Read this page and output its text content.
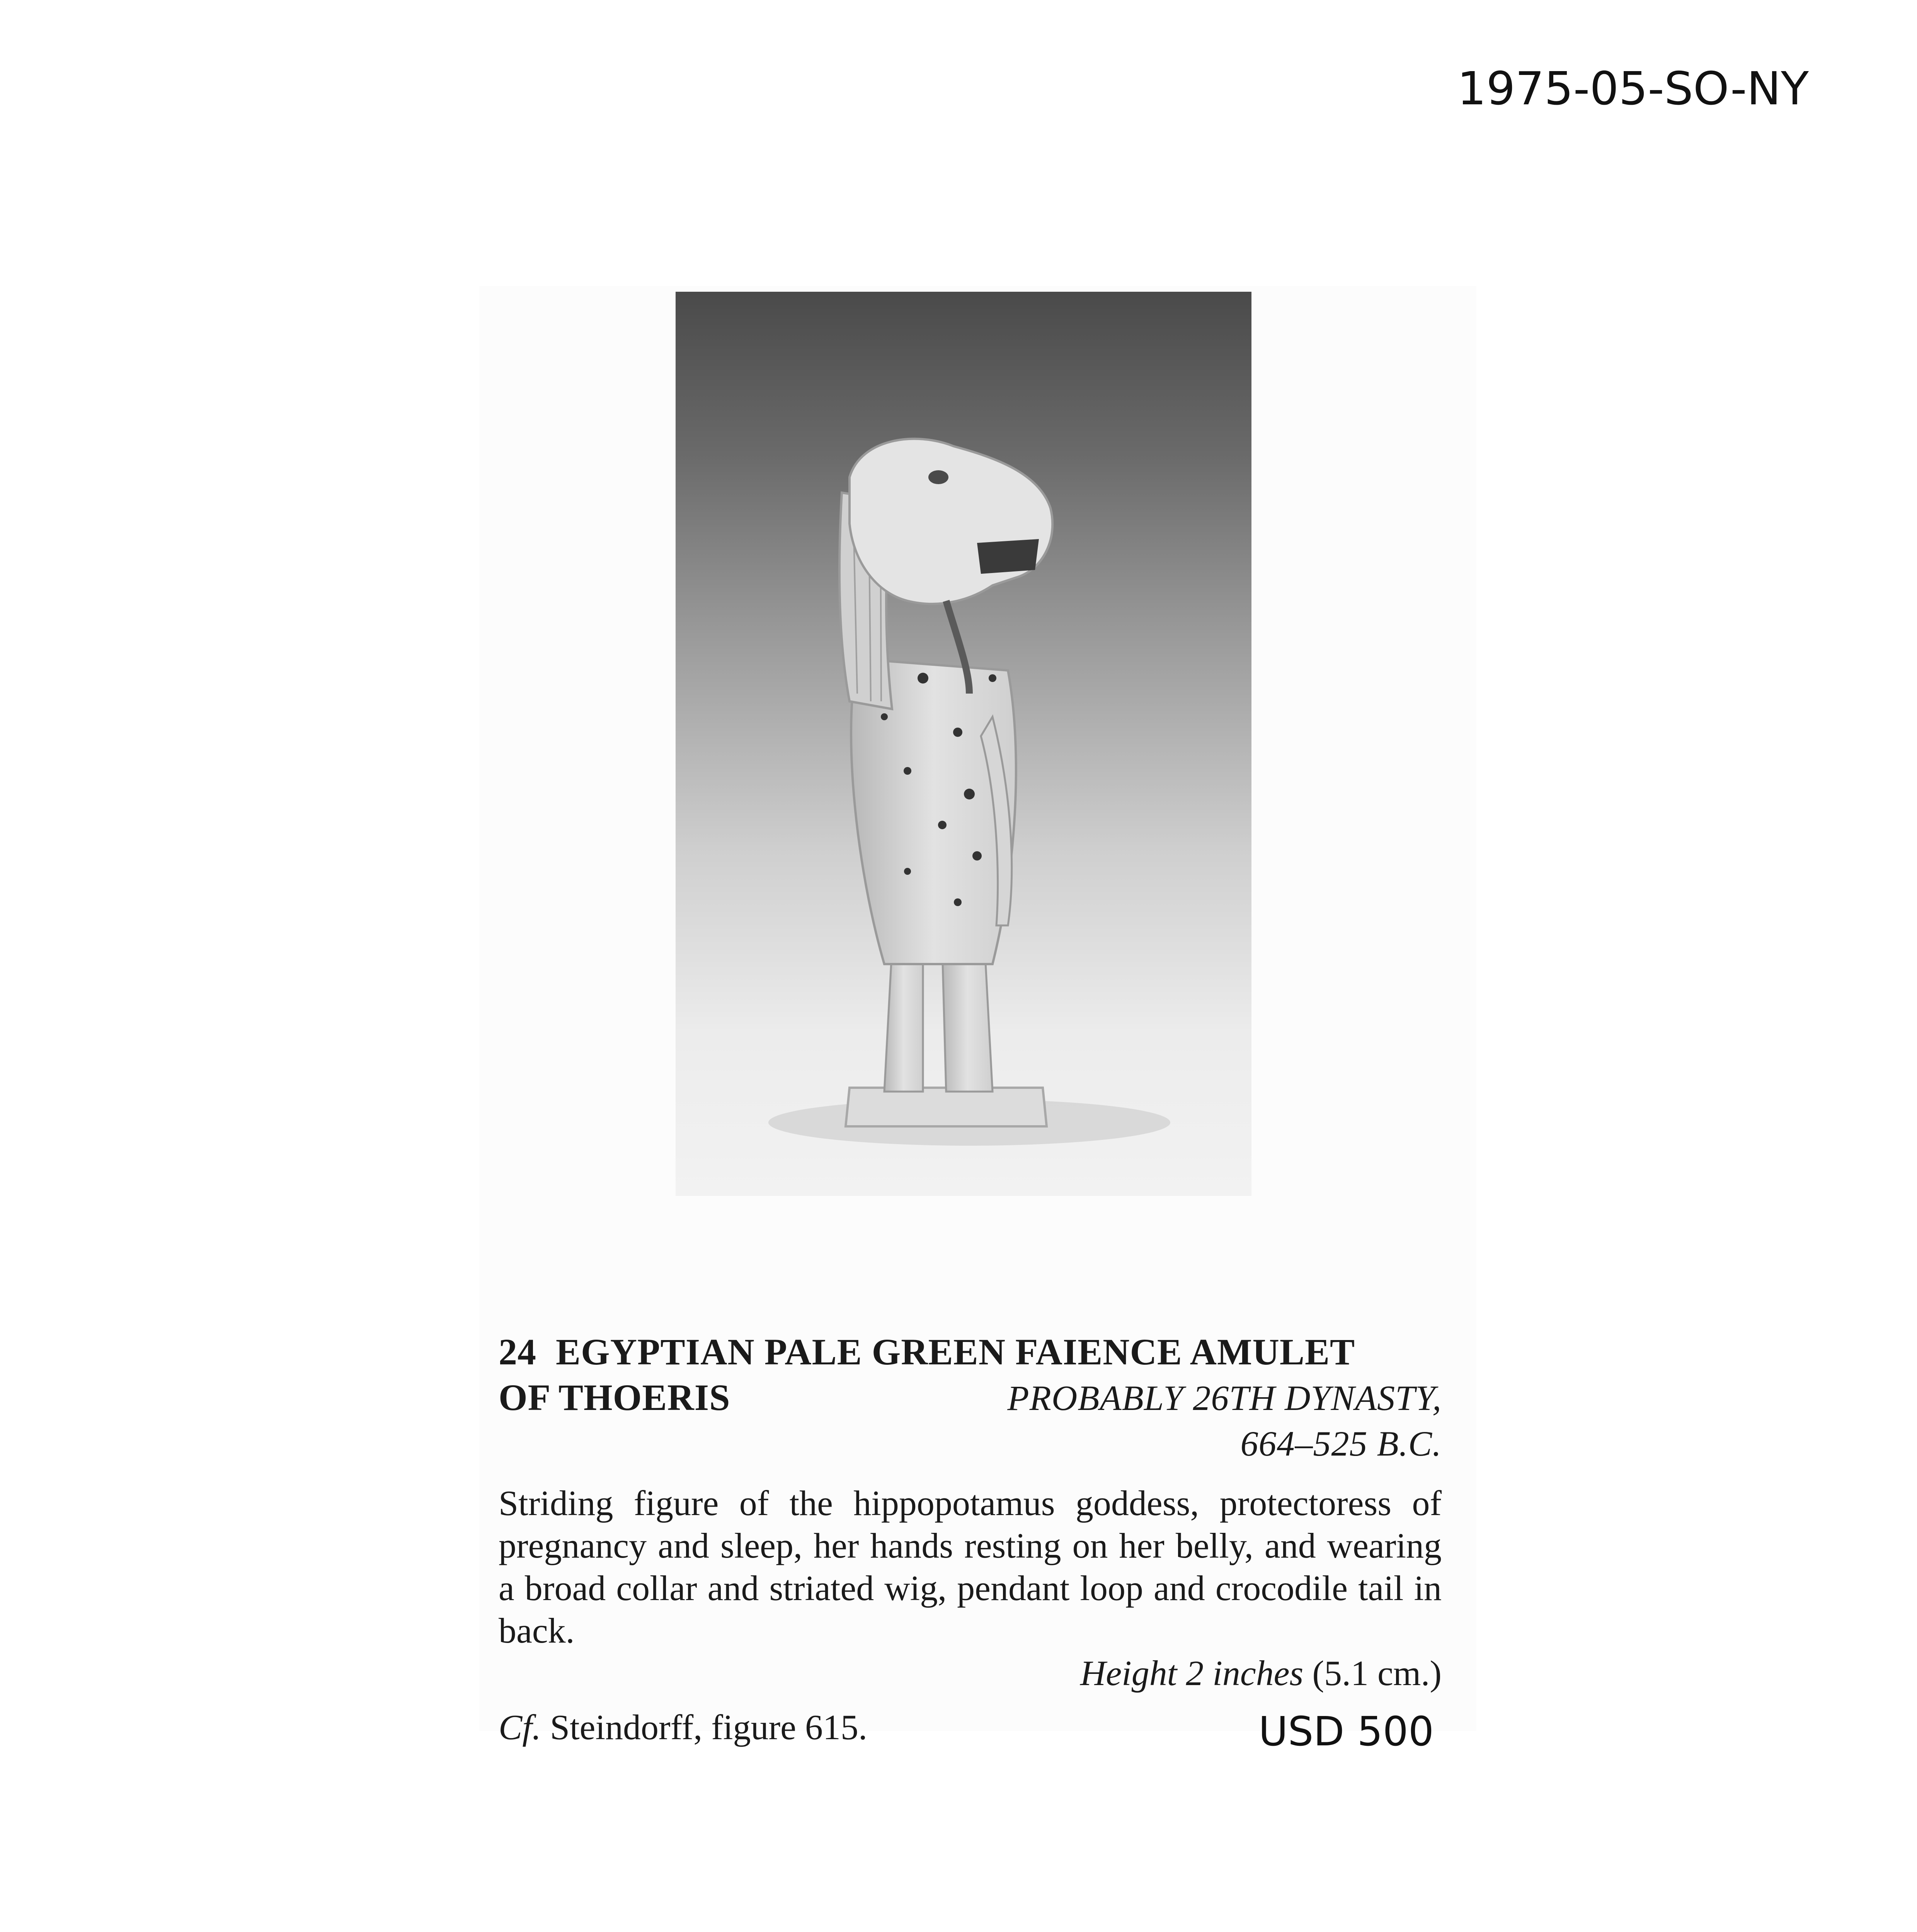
1975-05-SO-NY
24 EGYPTIAN PALE GREEN FAIENCE AMULET
OF THOERIS	PROBABLY 26TH DYNASTY,
664–525 B.C.
Striding figure of the hippopotamus goddess, protectoress of pregnancy and sleep, her hands resting on her belly, and wearing a broad collar and striated wig, pendant loop and crocodile tail in back.
Height 2 inches (5.1 cm.)
Cf. Steindorff, figure 615.	USD 500
